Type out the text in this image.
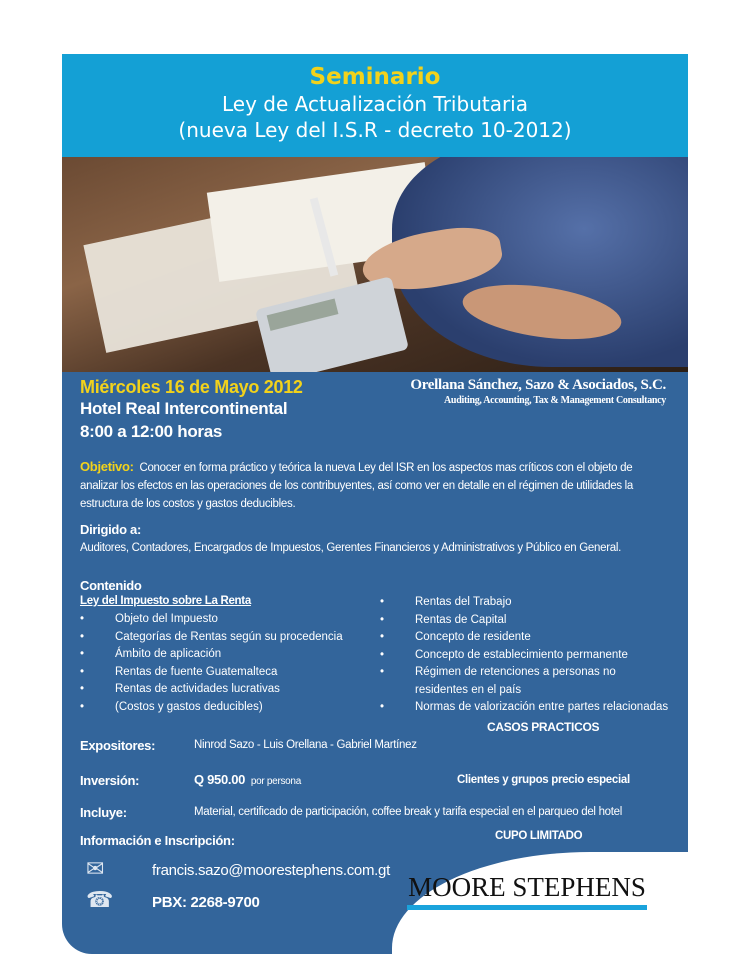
Seminario
Ley de Actualización Tributaria
(nueva Ley del I.S.R - decreto 10-2012)
Miércoles 16 de Mayo 2012
Hotel Real Intercontinental
8:00 a 12:00 horas
Orellana Sánchez, Sazo & Asociados, S.C.
Auditing, Accounting, Tax & Management Consultancy
Objetivo: Conocer en forma práctico y teórica la nueva Ley del ISR en los aspectos mas críticos con el objeto de analizar los efectos en las operaciones de los contribuyentes, así como ver en detalle en el régimen de utilidades la estructura de los costos y gastos deducibles.
Dirigido a:
Auditores, Contadores, Encargados de Impuestos, Gerentes Financieros y Administrativos y Público en General.
Contenido
Ley del Impuesto sobre La Renta
• Objeto del Impuesto
• Categorías de Rentas según su procedencia
• Ámbito de aplicación
• Rentas de fuente Guatemalteca
• Rentas de actividades lucrativas
• (Costos y gastos deducibles)
• Rentas del Trabajo
• Rentas de Capital
• Concepto de residente
• Concepto de establecimiento permanente
• Régimen de retenciones a personas no residentes en el país
• Normas de valorización entre partes relacionadas
CASOS PRACTICOS
Expositores:	Ninrod Sazo - Luis Orellana - Gabriel Martínez
Inversión:	Q 950.00 por persona	Clientes y grupos precio especial
Incluye:	Material, certificado de participación, coffee break y tarifa especial en el parqueo del hotel
CUPO LIMITADO
Información e Inscripción:
✉	francis.sazo@moorestephens.com.gt
☎	PBX: 2268-9700
MOORE STEPHENS
